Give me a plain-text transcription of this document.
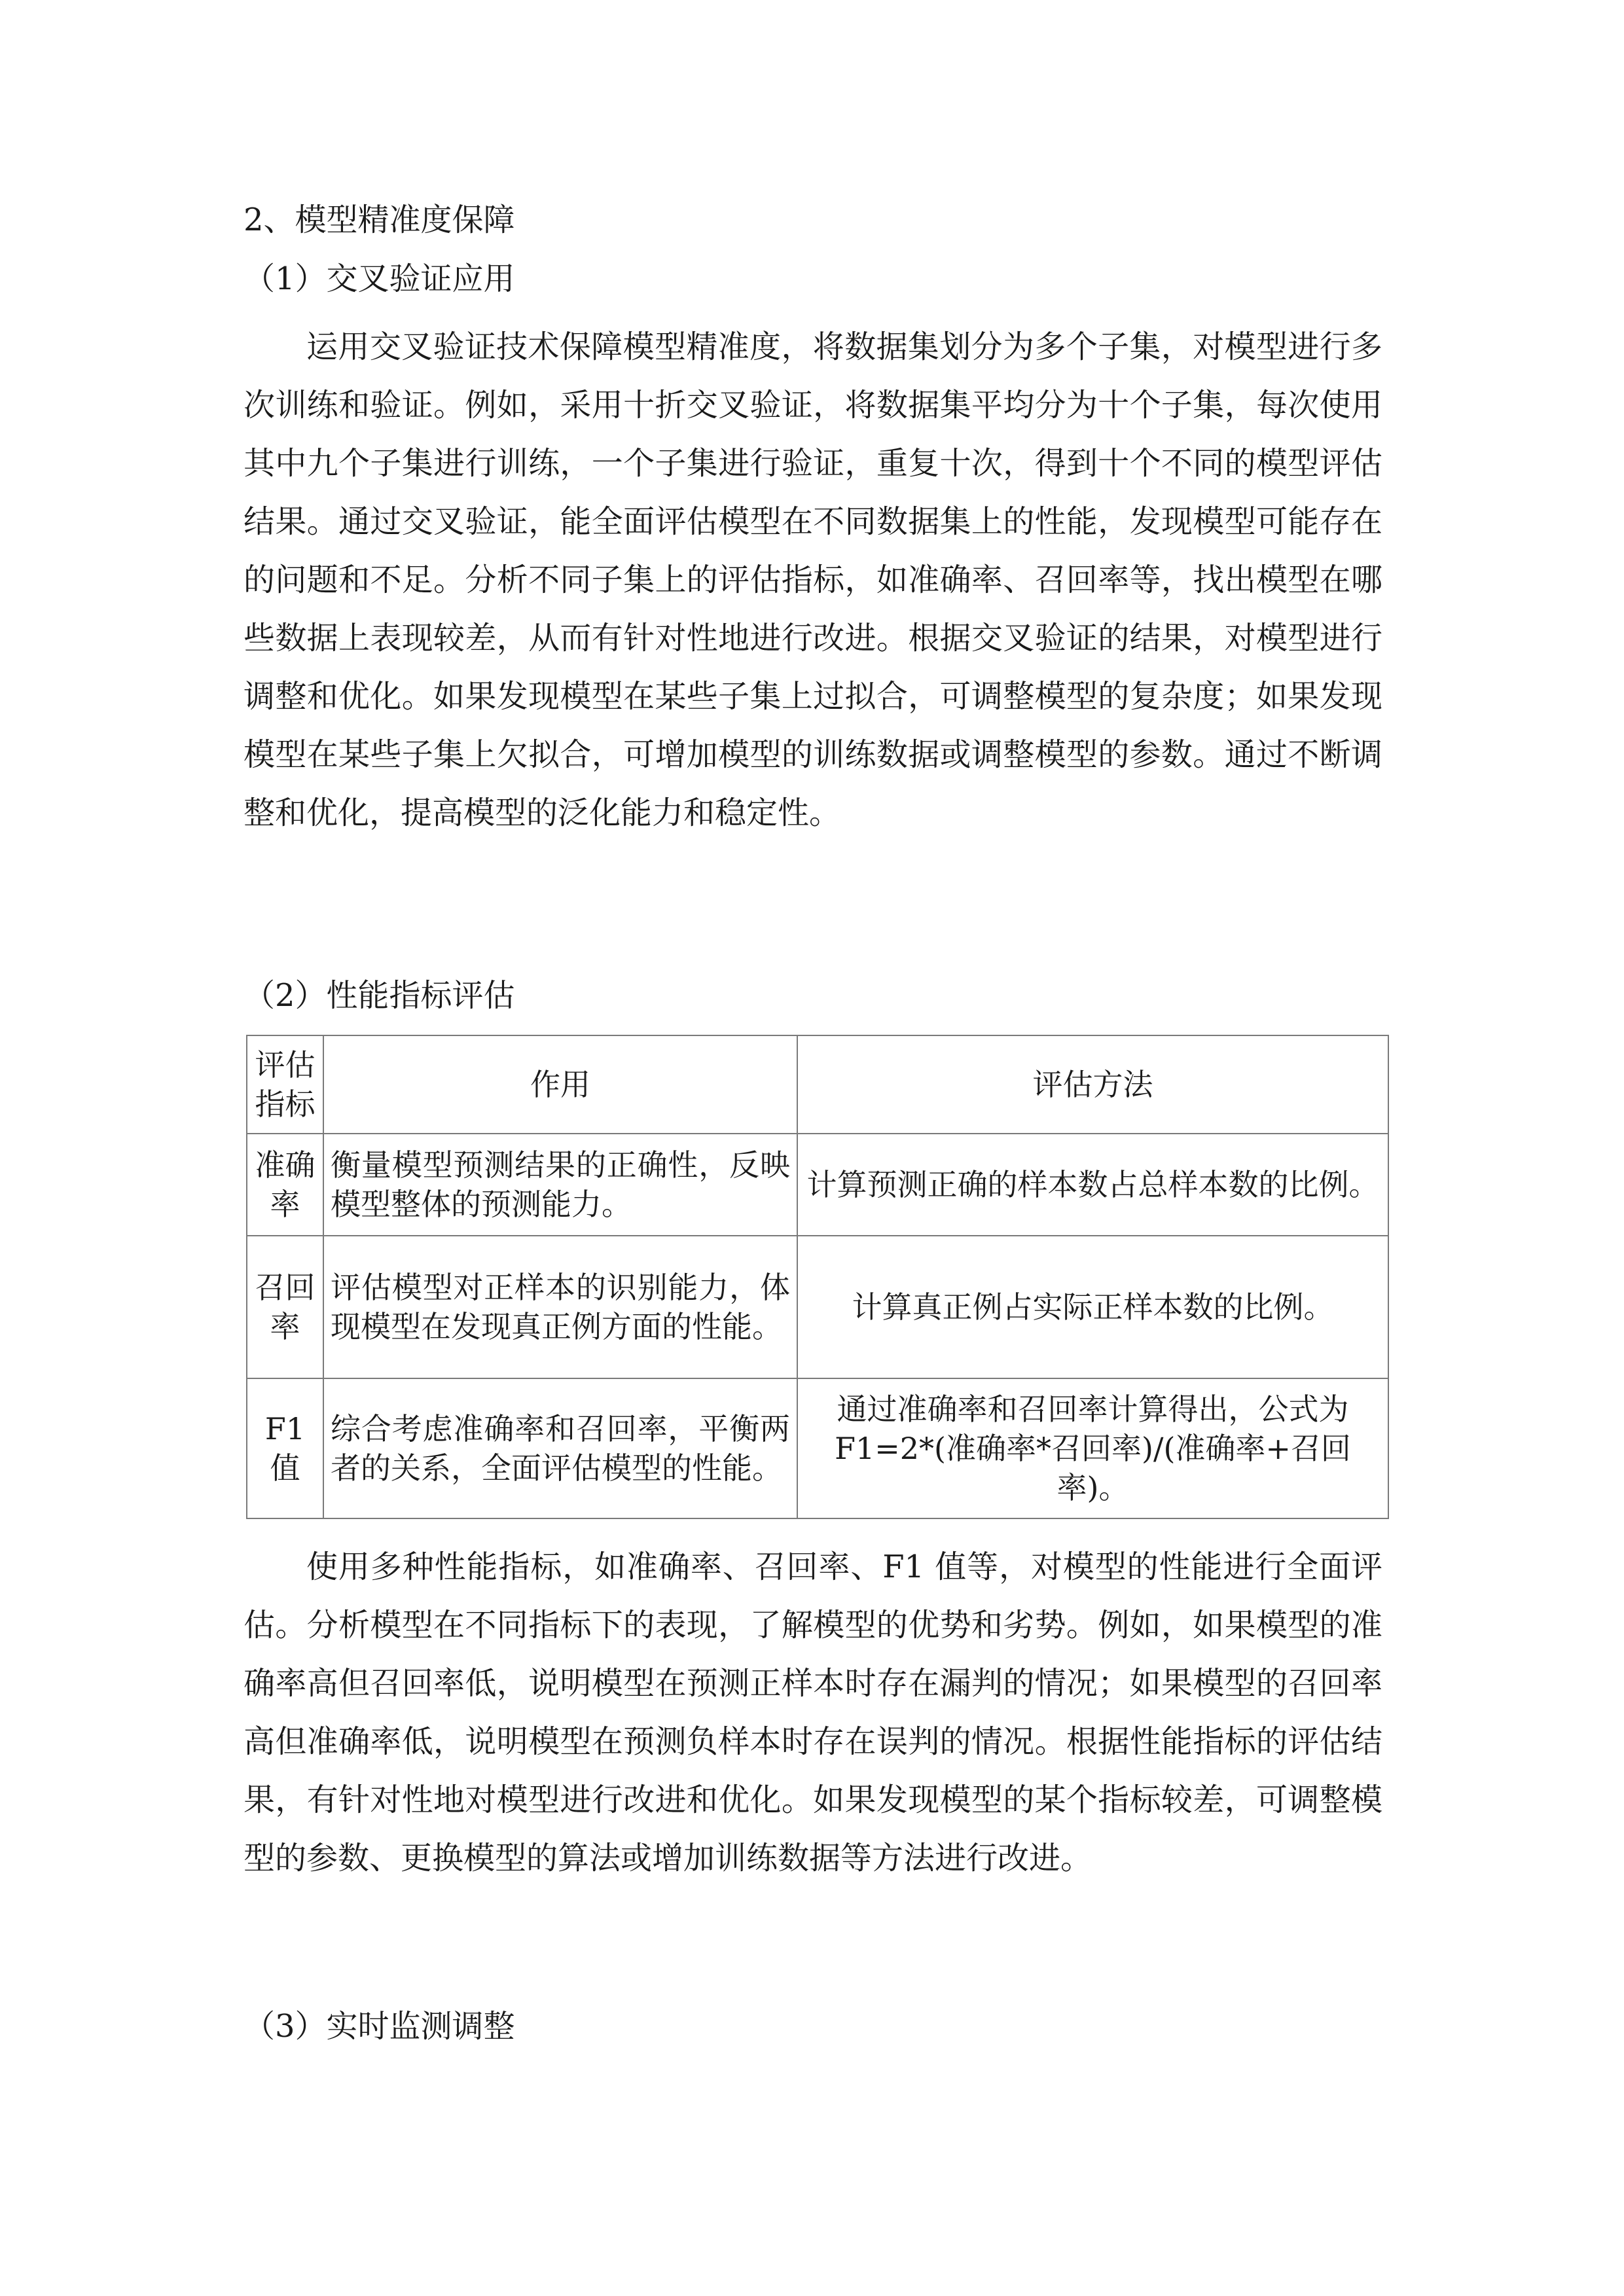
2、模型精准度保障
（1）交叉验证应用

运用交叉验证技术保障模型精准度，将数据集划分为多个子集，对模型进行多次训练和验证。例如，采用十折交叉验证，将数据集平均分为十个子集，每次使用其中九个子集进行训练，一个子集进行验证，重复十次，得到十个不同的模型评估结果。通过交叉验证，能全面评估模型在不同数据集上的性能，发现模型可能存在的问题和不足。分析不同子集上的评估指标，如准确率、召回率等，找出模型在哪些数据上表现较差，从而有针对性地进行改进。根据交叉验证的结果，对模型进行调整和优化。如果发现模型在某些子集上过拟合，可调整模型的复杂度；如果发现模型在某些子集上欠拟合，可增加模型的训练数据或调整模型的参数。通过不断调整和优化，提高模型的泛化能力和稳定性。

（2）性能指标评估
评估指标	作用	评估方法
准确率	衡量模型预测结果的正确性，反映模型整体的预测能力。	计算预测正确的样本数占总样本数的比例。
召回率	评估模型对正样本的识别能力，体现模型在发现真正例方面的性能。	计算真正例占实际正样本数的比例。
F1 值	综合考虑准确率和召回率，平衡两者的关系，全面评估模型的性能。	通过准确率和召回率计算得出，公式为 F1=2*(准确率*召回率)/(准确率+召回率)。

使用多种性能指标，如准确率、召回率、F1 值等，对模型的性能进行全面评估。分析模型在不同指标下的表现，了解模型的优势和劣势。例如，如果模型的准确率高但召回率低，说明模型在预测正样本时存在漏判的情况；如果模型的召回率高但准确率低，说明模型在预测负样本时存在误判的情况。根据性能指标的评估结果，有针对性地对模型进行改进和优化。如果发现模型的某个指标较差，可调整模型的参数、更换模型的算法或增加训练数据等方法进行改进。

（3）实时监测调整
